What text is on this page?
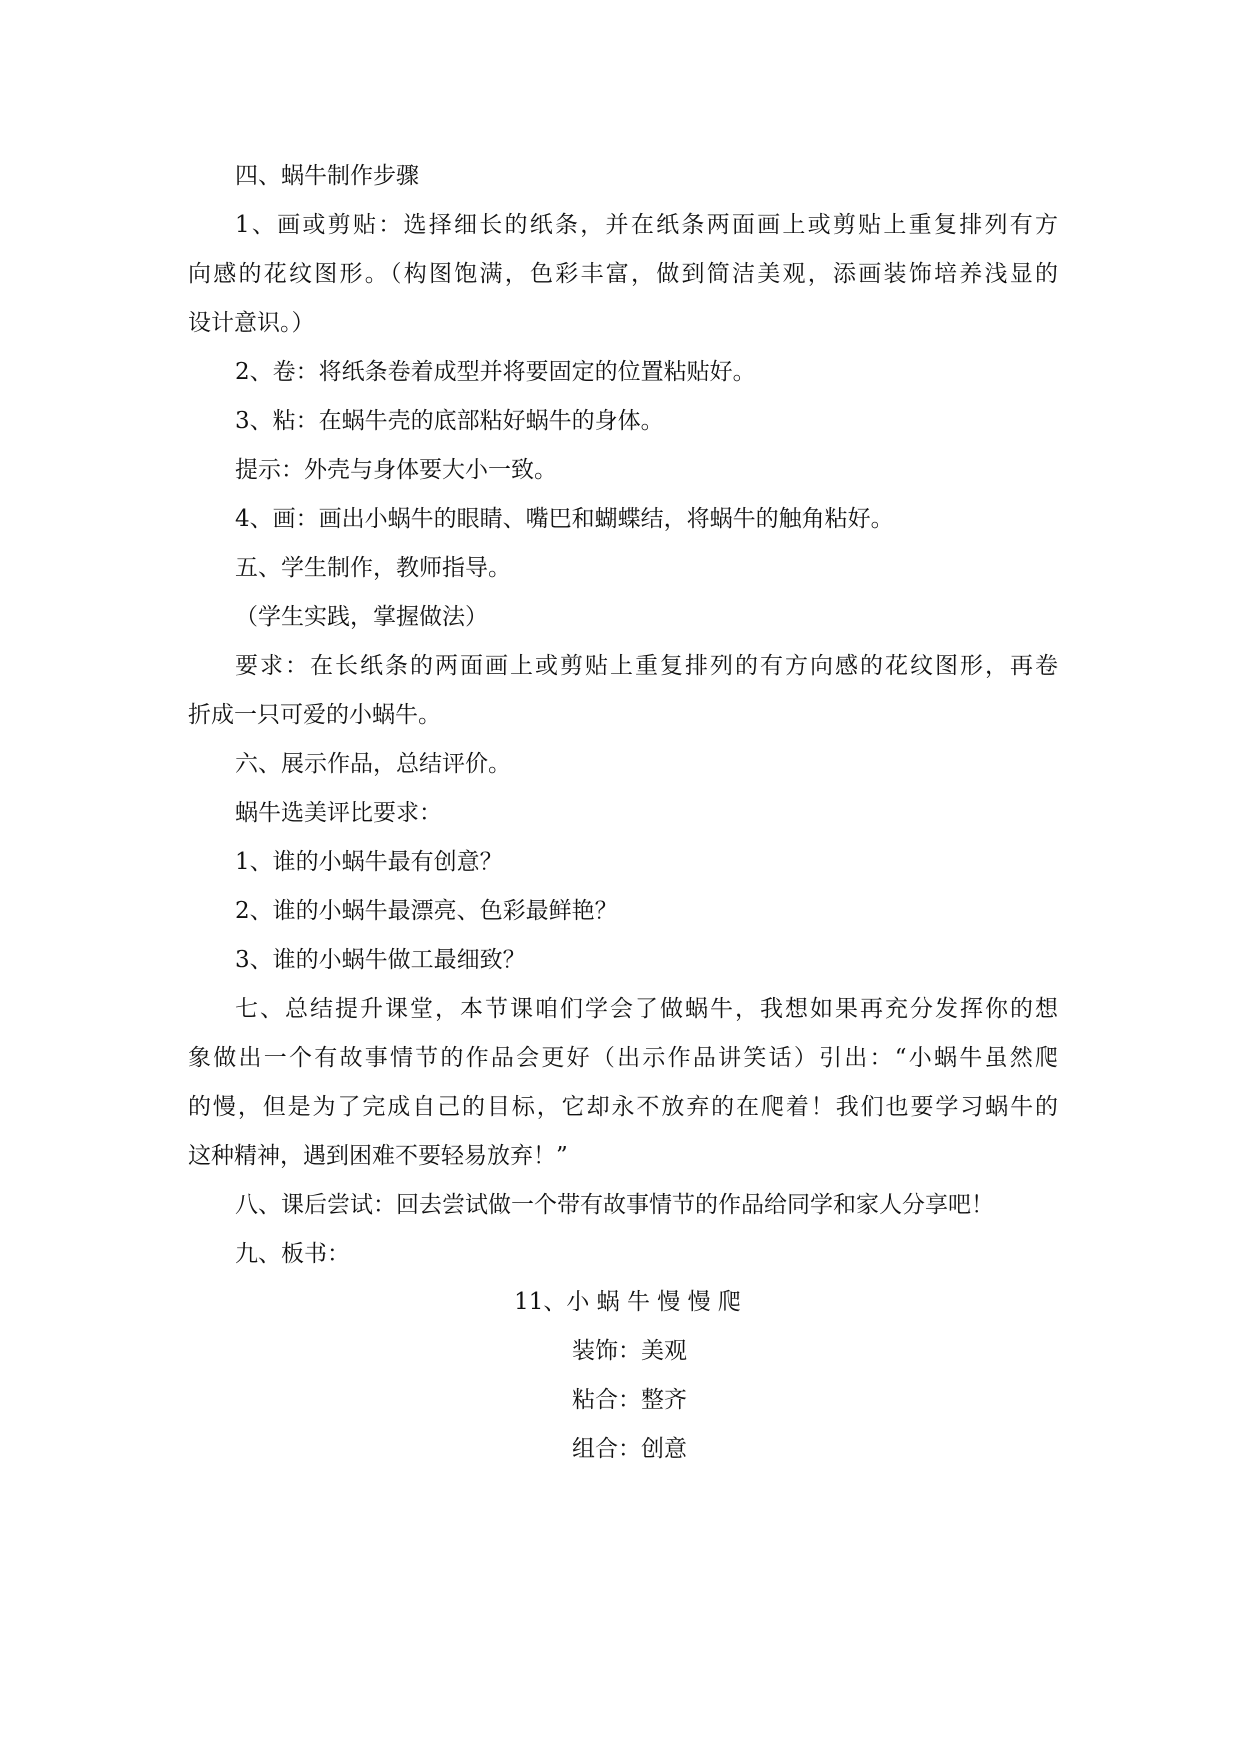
四、蜗牛制作步骤
1、画或剪贴：选择细长的纸条，并在纸条两面画上或剪贴上重复排列有方
向感的花纹图形。（构图饱满，色彩丰富，做到简洁美观，添画装饰培养浅显的
设计意识。）
2、卷：将纸条卷着成型并将要固定的位置粘贴好。
3、粘：在蜗牛壳的底部粘好蜗牛的身体。
提示：外壳与身体要大小一致。
4、画：画出小蜗牛的眼睛、嘴巴和蝴蝶结，将蜗牛的触角粘好。
五、学生制作，教师指导。
（学生实践，掌握做法）
要求：在长纸条的两面画上或剪贴上重复排列的有方向感的花纹图形，再卷
折成一只可爱的小蜗牛。
六、展示作品，总结评价。
蜗牛选美评比要求：
1、谁的小蜗牛最有创意？
2、谁的小蜗牛最漂亮、色彩最鲜艳？
3、谁的小蜗牛做工最细致？
七、总结提升课堂，本节课咱们学会了做蜗牛，我想如果再充分发挥你的想
象做出一个有故事情节的作品会更好（出示作品讲笑话）引出：“小蜗牛虽然爬
的慢，但是为了完成自己的目标，它却永不放弃的在爬着！我们也要学习蜗牛的
这种精神，遇到困难不要轻易放弃！”
八、课后尝试：回去尝试做一个带有故事情节的作品给同学和家人分享吧！
九、板书：
11、小 蜗 牛 慢 慢 爬
装饰：美观
粘合：整齐
组合：创意
